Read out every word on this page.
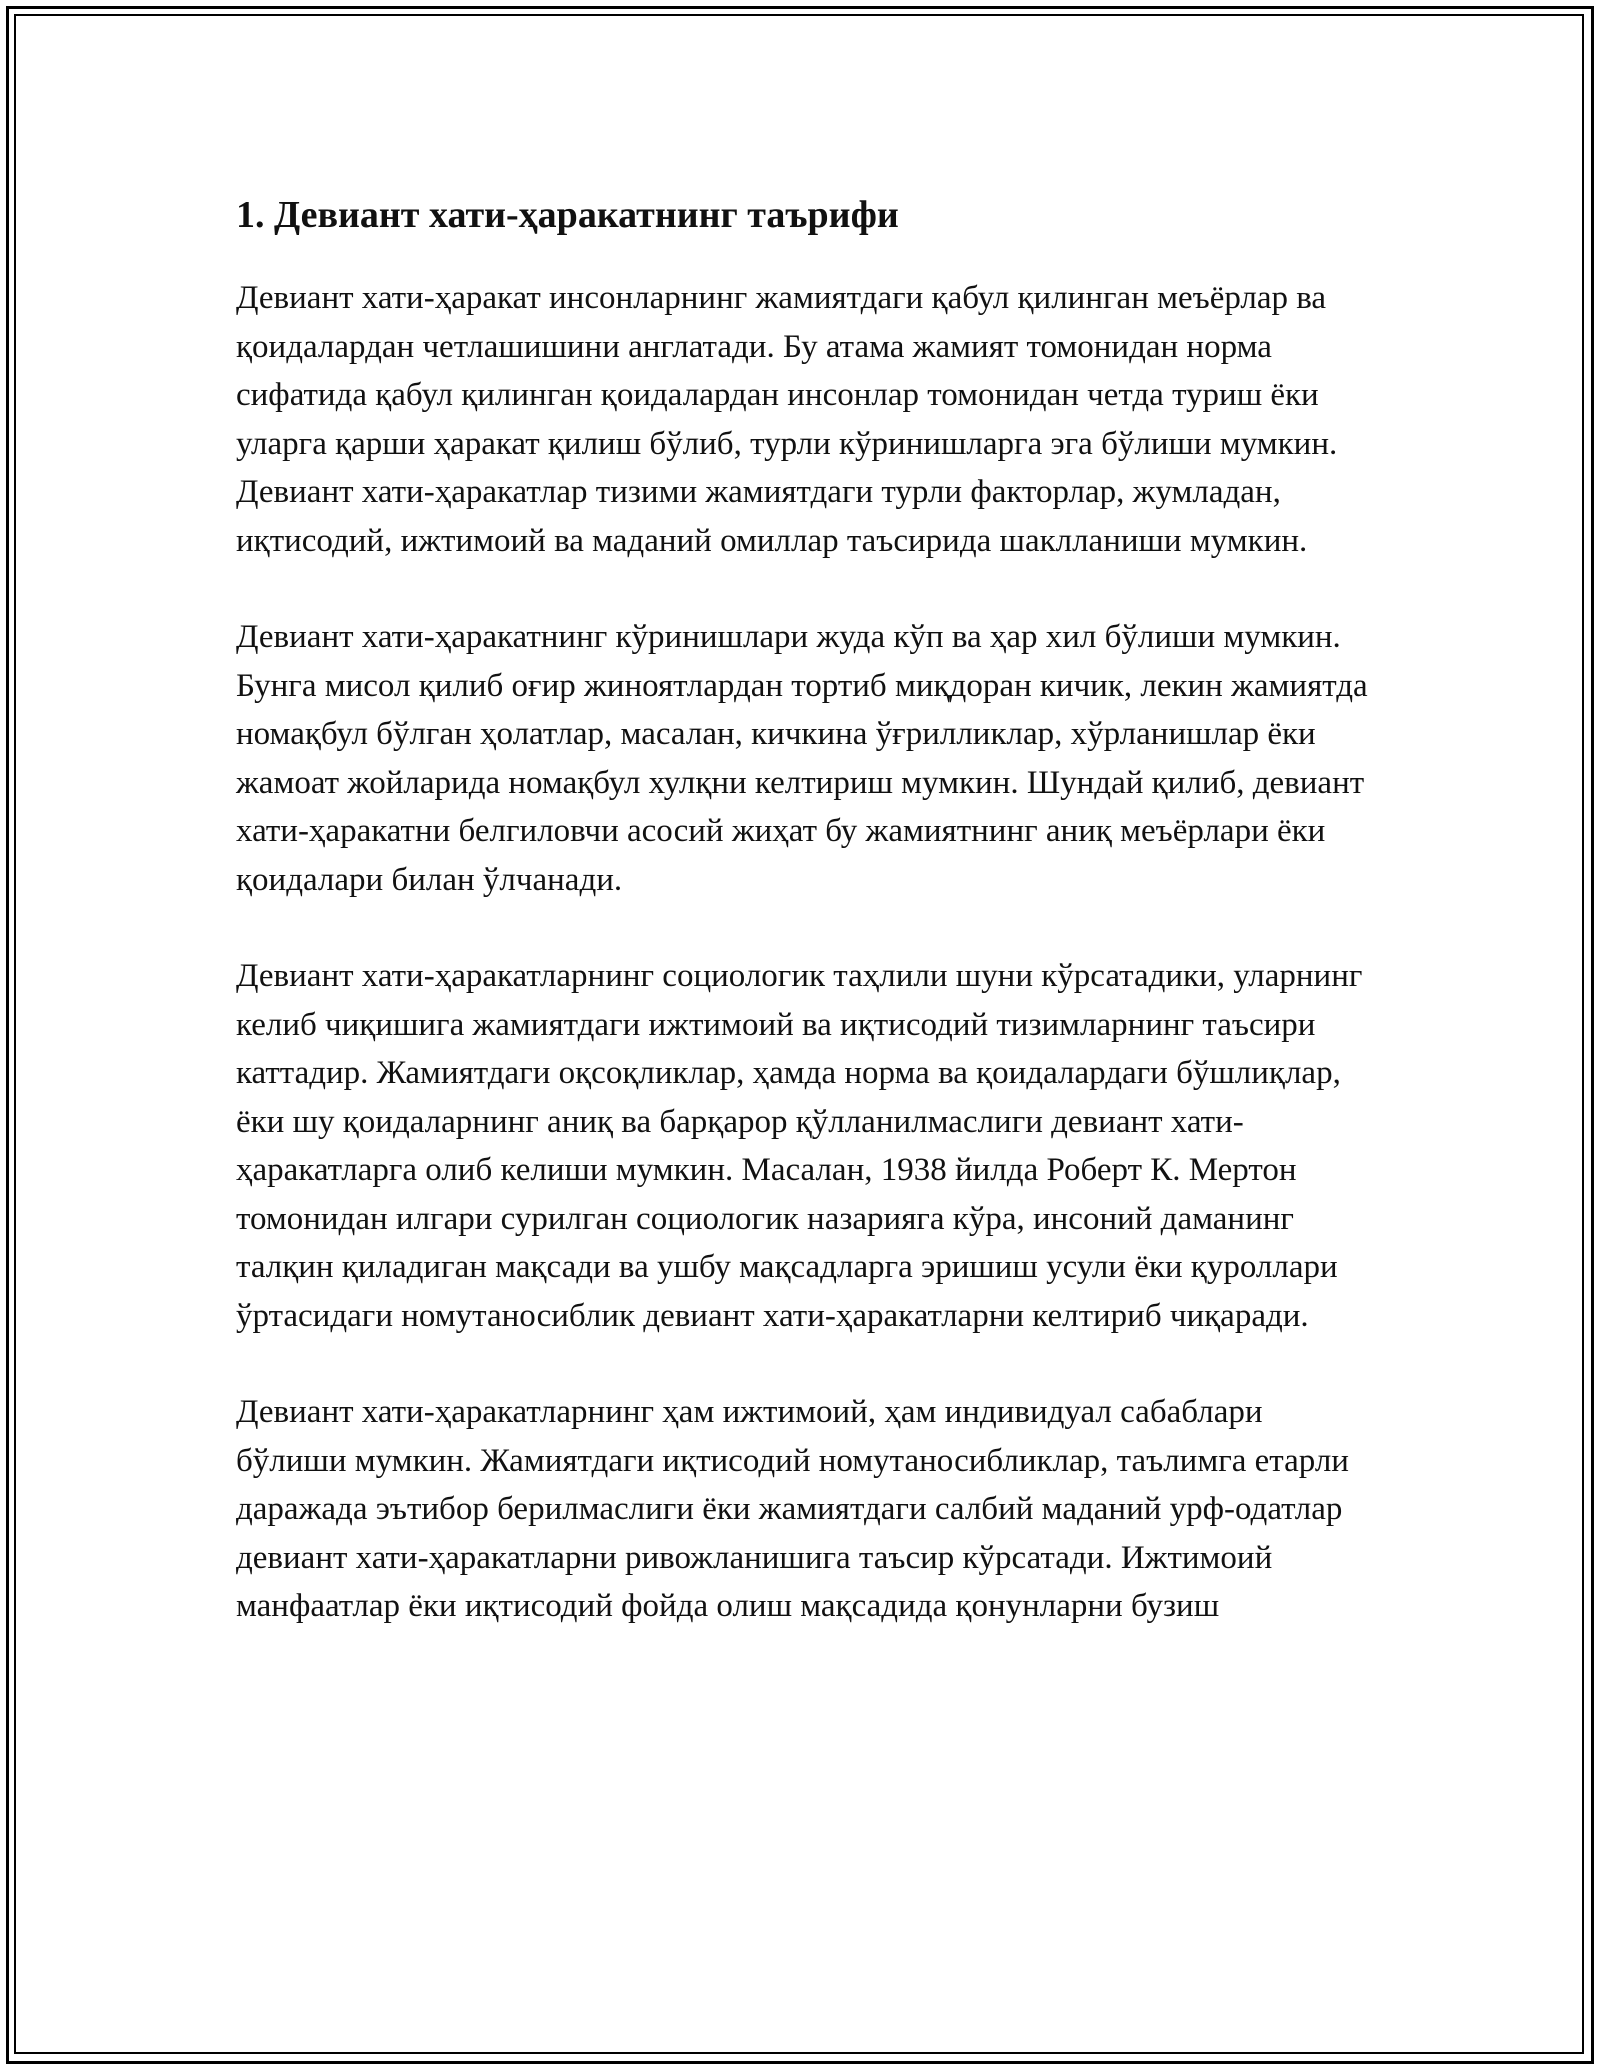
1. Девиант хати-ҳаракатнинг таърифи

Девиант хати-ҳаракат инсонларнинг жамиятдаги қабул қилинган меъёрлар ва қоидалардан четлашишини англатади. Бу атама жамият томонидан норма сифатида қабул қилинган қоидалардан инсонлар томонидан четда туриш ёки уларга қарши ҳаракат қилиш бўлиб, турли кўринишларга эга бўлиши мумкин. Девиант хати-ҳаракатлар тизими жамиятдаги турли факторлар, жумладан, иқтисодий, ижтимоий ва маданий омиллар таъсирида шаклланиши мумкин.

Девиант хати-ҳаракатнинг кўринишлари жуда кўп ва ҳар хил бўлиши мумкин. Бунга мисол қилиб оғир жиноятлардан тортиб миқдоран кичик, лекин жамиятда номақбул бўлган ҳолатлар, масалан, кичкина ўғрилликлар, хўрланишлар ёки жамоат жойларида номақбул хулқни келтириш мумкин. Шундай қилиб, девиант хати-ҳаракатни белгиловчи асосий жиҳат бу жамиятнинг аниқ меъёрлари ёки қоидалари билан ўлчанади.

Девиант хати-ҳаракатларнинг социологик таҳлили шуни кўрсатадики, уларнинг келиб чиқишига жамиятдаги ижтимоий ва иқтисодий тизимларнинг таъсири каттадир. Жамиятдаги оқсоқликлар, ҳамда норма ва қоидалардаги бўшлиқлар, ёки шу қоидаларнинг аниқ ва барқарор қўлланилмаслиги девиант хати-ҳаракатларга олиб келиши мумкин. Масалан, 1938 йилда Роберт К. Мертон томонидан илгари сурилган социологик назарияга кўра, инсоний даманинг талқин қиладиган мақсади ва ушбу мақсадларга эришиш усули ёки қуроллари ўртасидаги номутаносиблик девиант хати-ҳаракатларни келтириб чиқаради.

Девиант хати-ҳаракатларнинг ҳам ижтимоий, ҳам индивидуал сабаблари бўлиши мумкин. Жамиятдаги иқтисодий номутаносибликлар, таълимга етарли даражада эътибор берилмаслиги ёки жамиятдаги салбий маданий урф-одатлар девиант хати-ҳаракатларни ривожланишига таъсир кўрсатади. Ижтимоий манфаатлар ёки иқтисодий фойда олиш мақсадида қонунларни бузиш
